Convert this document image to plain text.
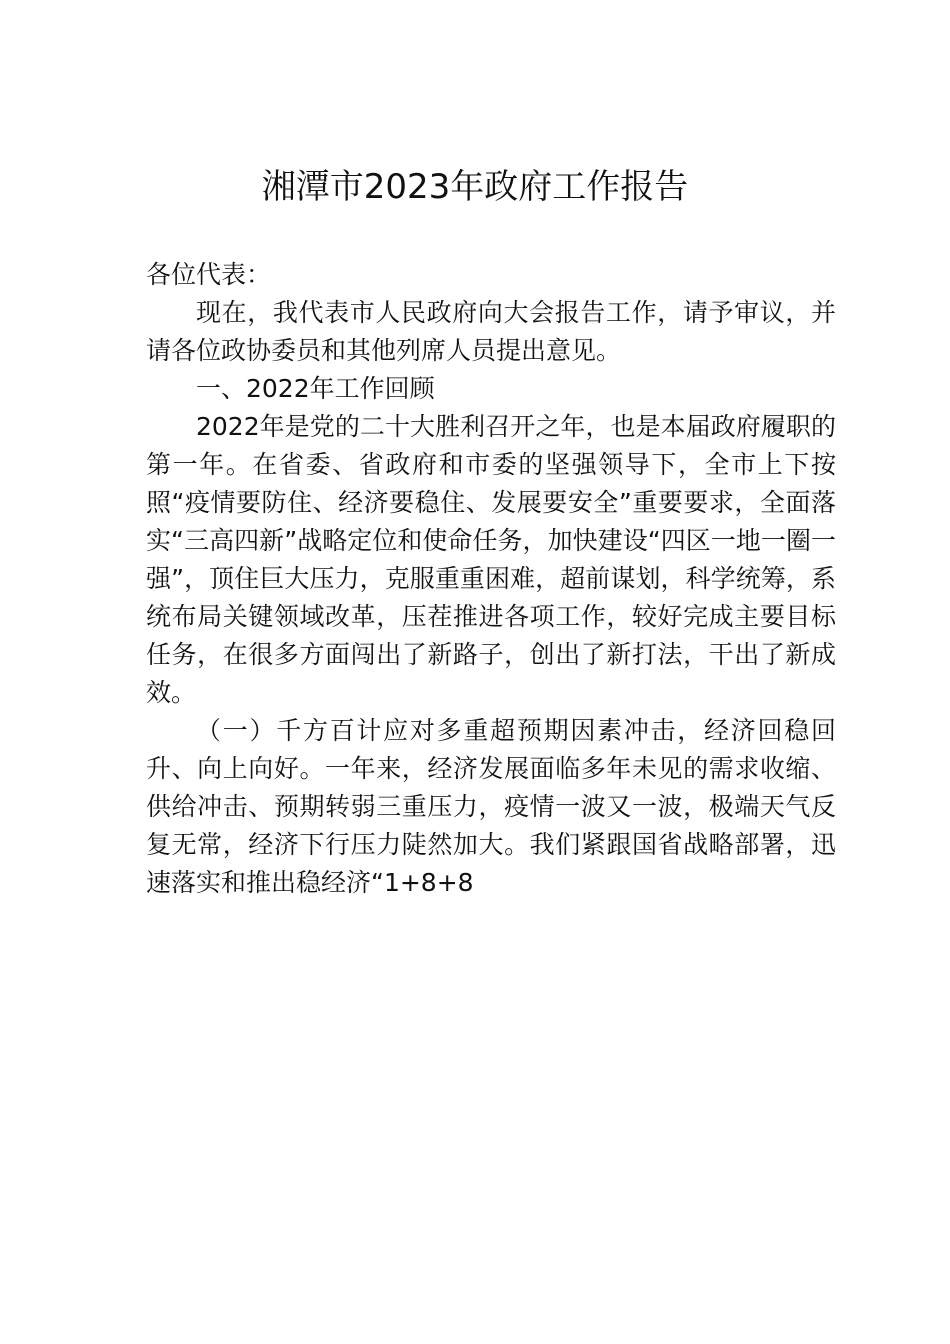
湘潭市2023年政府工作报告

各位代表：

现在，我代表市人民政府向大会报告工作，请予审议，并请各位政协委员和其他列席人员提出意见。

一、2022年工作回顾

2022年是党的二十大胜利召开之年，也是本届政府履职的第一年。在省委、省政府和市委的坚强领导下，全市上下按照“疫情要防住、经济要稳住、发展要安全”重要要求，全面落实“三高四新”战略定位和使命任务，加快建设“四区一地一圈一强”，顶住巨大压力，克服重重困难，超前谋划，科学统筹，系统布局关键领域改革，压茬推进各项工作，较好完成主要目标任务，在很多方面闯出了新路子，创出了新打法，干出了新成效。

（一）千方百计应对多重超预期因素冲击，经济回稳回升、向上向好。一年来，经济发展面临多年未见的需求收缩、供给冲击、预期转弱三重压力，疫情一波又一波，极端天气反复无常，经济下行压力陡然加大。我们紧跟国省战略部署，迅速落实和推出稳经济“1+8+8
